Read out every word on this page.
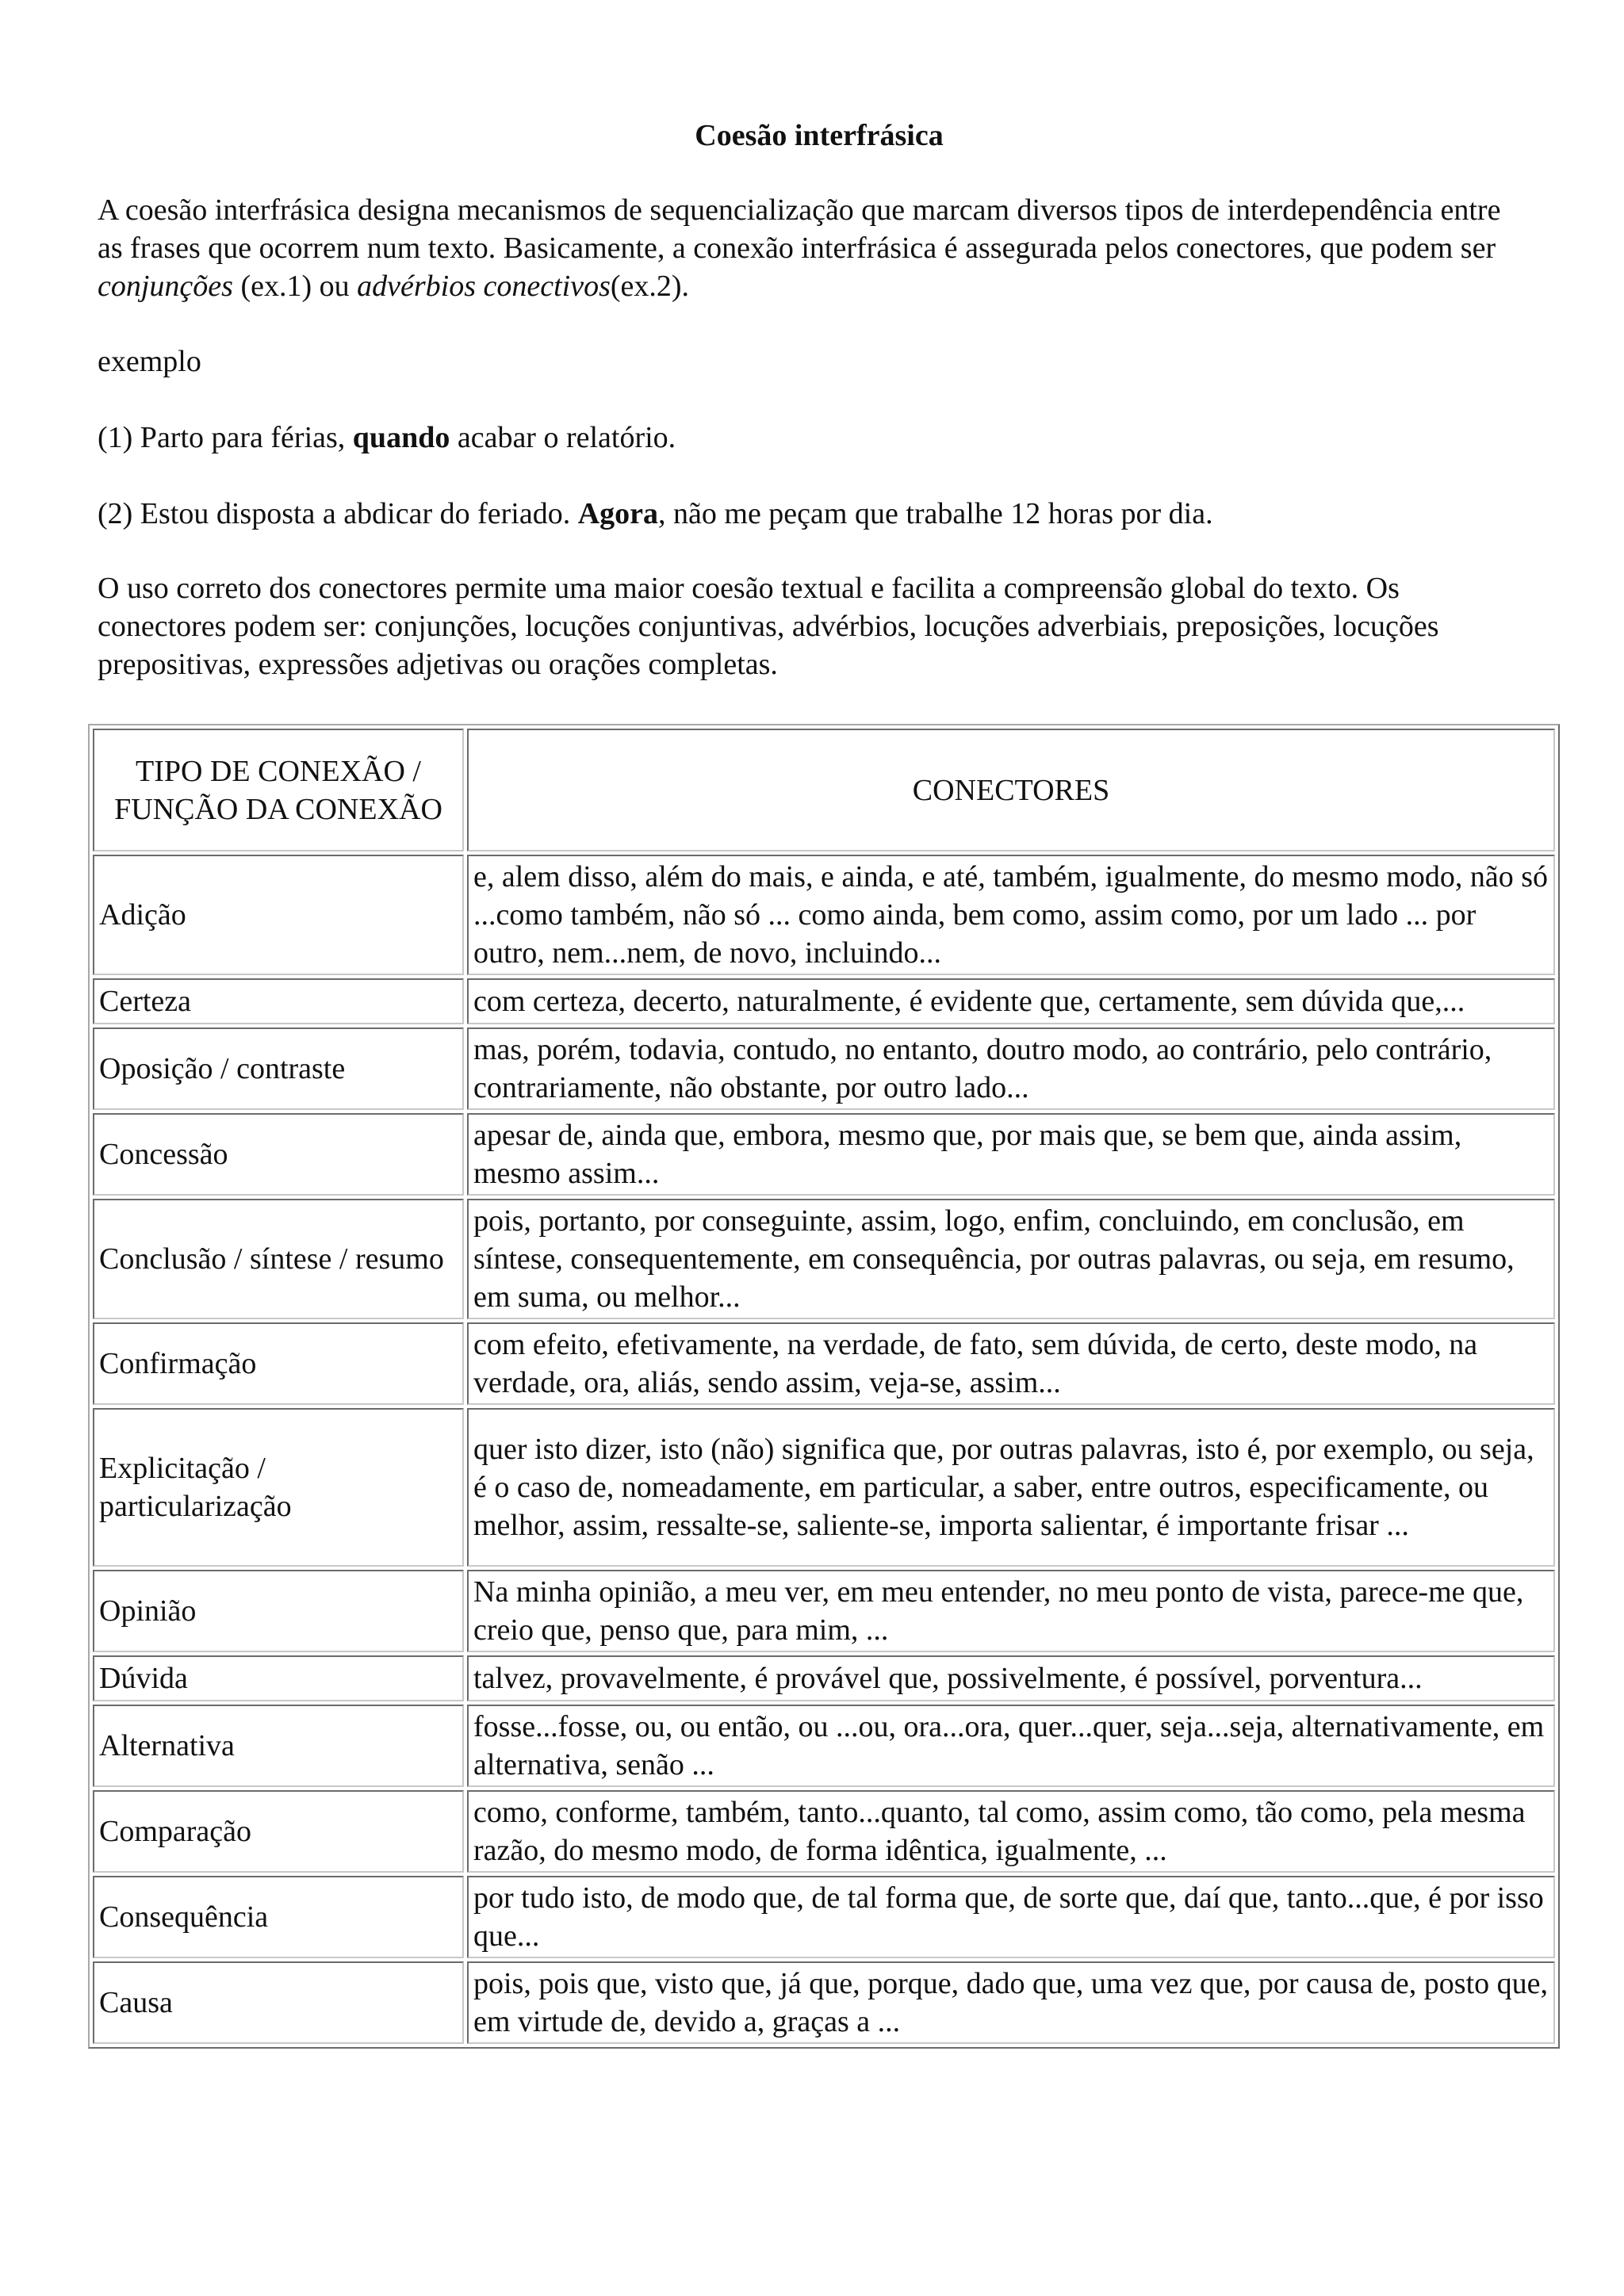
Coesão interfrásica

A coesão interfrásica designa mecanismos de sequencialização que marcam diversos tipos de interdependência entre as frases que ocorrem num texto. Basicamente, a conexão interfrásica é assegurada pelos conectores, que podem ser conjunções (ex.1) ou advérbios conectivos(ex.2).

exemplo

(1) Parto para férias, quando acabar o relatório.

(2) Estou disposta a abdicar do feriado. Agora, não me peçam que trabalhe 12 horas por dia.

O uso correto dos conectores permite uma maior coesão textual e facilita a compreensão global do texto. Os conectores podem ser: conjunções, locuções conjuntivas, advérbios, locuções adverbiais, preposições, locuções prepositivas, expressões adjetivas ou orações completas.

TIPO DE CONEXÃO / FUNÇÃO DA CONEXÃO	CONECTORES
Adição	e, alem disso, além do mais, e ainda, e até, também, igualmente, do mesmo modo, não só ...como também, não só ... como ainda, bem como, assim como, por um lado ... por outro, nem...nem, de novo, incluindo...
Certeza	com certeza, decerto, naturalmente, é evidente que, certamente, sem dúvida que,...
Oposição / contraste	mas, porém, todavia, contudo, no entanto, doutro modo, ao contrário, pelo contrário, contrariamente, não obstante, por outro lado...
Concessão	apesar de, ainda que, embora, mesmo que, por mais que, se bem que, ainda assim, mesmo assim...
Conclusão / síntese / resumo	pois, portanto, por conseguinte, assim, logo, enfim, concluindo, em conclusão, em síntese, consequentemente, em consequência, por outras palavras, ou seja, em resumo, em suma, ou melhor...
Confirmação	com efeito, efetivamente, na verdade, de fato, sem dúvida, de certo, deste modo, na verdade, ora, aliás, sendo assim, veja-se, assim...
Explicitação / particularização	quer isto dizer, isto (não) significa que, por outras palavras, isto é, por exemplo, ou seja, é o caso de, nomeadamente, em particular, a saber, entre outros, especificamente, ou melhor, assim, ressalte-se, saliente-se, importa salientar, é importante frisar ...
Opinião	Na minha opinião, a meu ver, em meu entender, no meu ponto de vista, parece-me que, creio que, penso que, para mim, ...
Dúvida	talvez, provavelmente, é provável que, possivelmente, é possível, porventura...
Alternativa	fosse...fosse, ou, ou então, ou ...ou, ora...ora, quer...quer, seja...seja, alternativamente, em alternativa, senão ...
Comparação	como, conforme, também, tanto...quanto, tal como, assim como, tão como, pela mesma razão, do mesmo modo, de forma idêntica, igualmente, ...
Consequência	por tudo isto, de modo que, de tal forma que, de sorte que, daí que, tanto...que, é por isso que...
Causa	pois, pois que, visto que, já que, porque, dado que, uma vez que, por causa de, posto que, em virtude de, devido a, graças a ...
